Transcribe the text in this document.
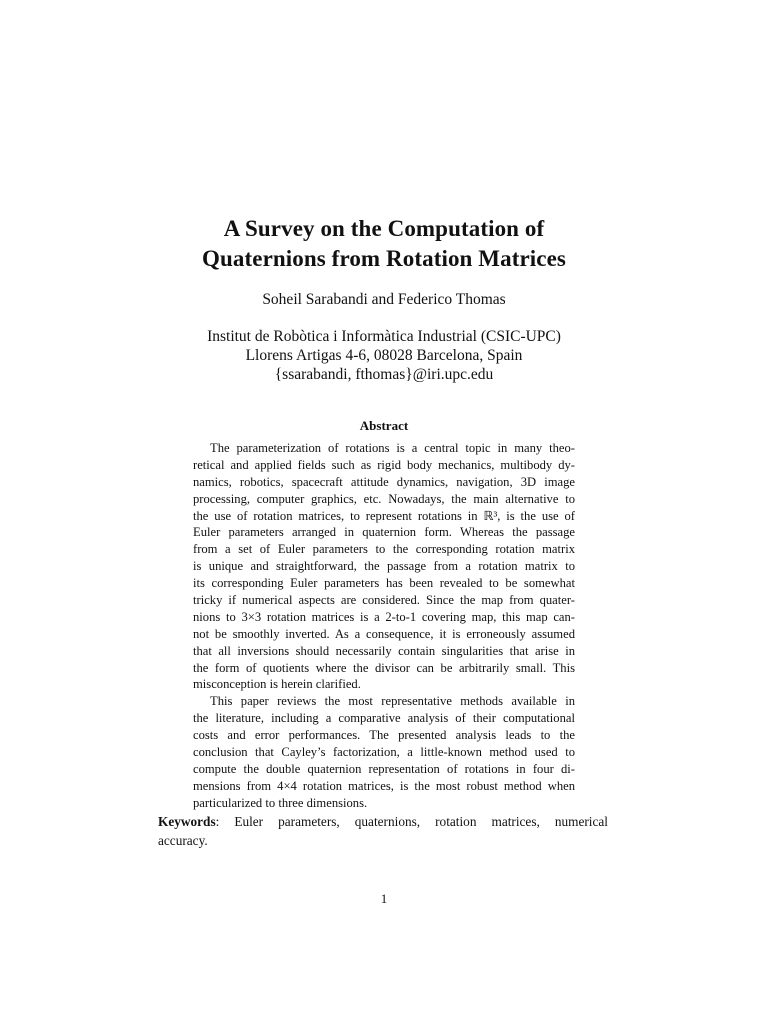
A Survey on the Computation of
Quaternions from Rotation Matrices
Soheil Sarabandi and Federico Thomas
Institut de Robòtica i Informàtica Industrial (CSIC-UPC)
Llorens Artigas 4-6, 08028 Barcelona, Spain
{ssarabandi, fthomas}@iri.upc.edu
Abstract
The parameterization of rotations is a central topic in many theo-
retical and applied fields such as rigid body mechanics, multibody dy-
namics, robotics, spacecraft attitude dynamics, navigation, 3D image
processing, computer graphics, etc. Nowadays, the main alternative to
the use of rotation matrices, to represent rotations in ℝ³, is the use of
Euler parameters arranged in quaternion form. Whereas the passage
from a set of Euler parameters to the corresponding rotation matrix
is unique and straightforward, the passage from a rotation matrix to
its corresponding Euler parameters has been revealed to be somewhat
tricky if numerical aspects are considered. Since the map from quater-
nions to 3×3 rotation matrices is a 2-to-1 covering map, this map can-
not be smoothly inverted. As a consequence, it is erroneously assumed
that all inversions should necessarily contain singularities that arise in
the form of quotients where the divisor can be arbitrarily small. This
misconception is herein clarified.
This paper reviews the most representative methods available in
the literature, including a comparative analysis of their computational
costs and error performances. The presented analysis leads to the
conclusion that Cayley’s factorization, a little-known method used to
compute the double quaternion representation of rotations in four di-
mensions from 4×4 rotation matrices, is the most robust method when
particularized to three dimensions.
Keywords: Euler parameters, quaternions, rotation matrices, numerical
accuracy.
1
